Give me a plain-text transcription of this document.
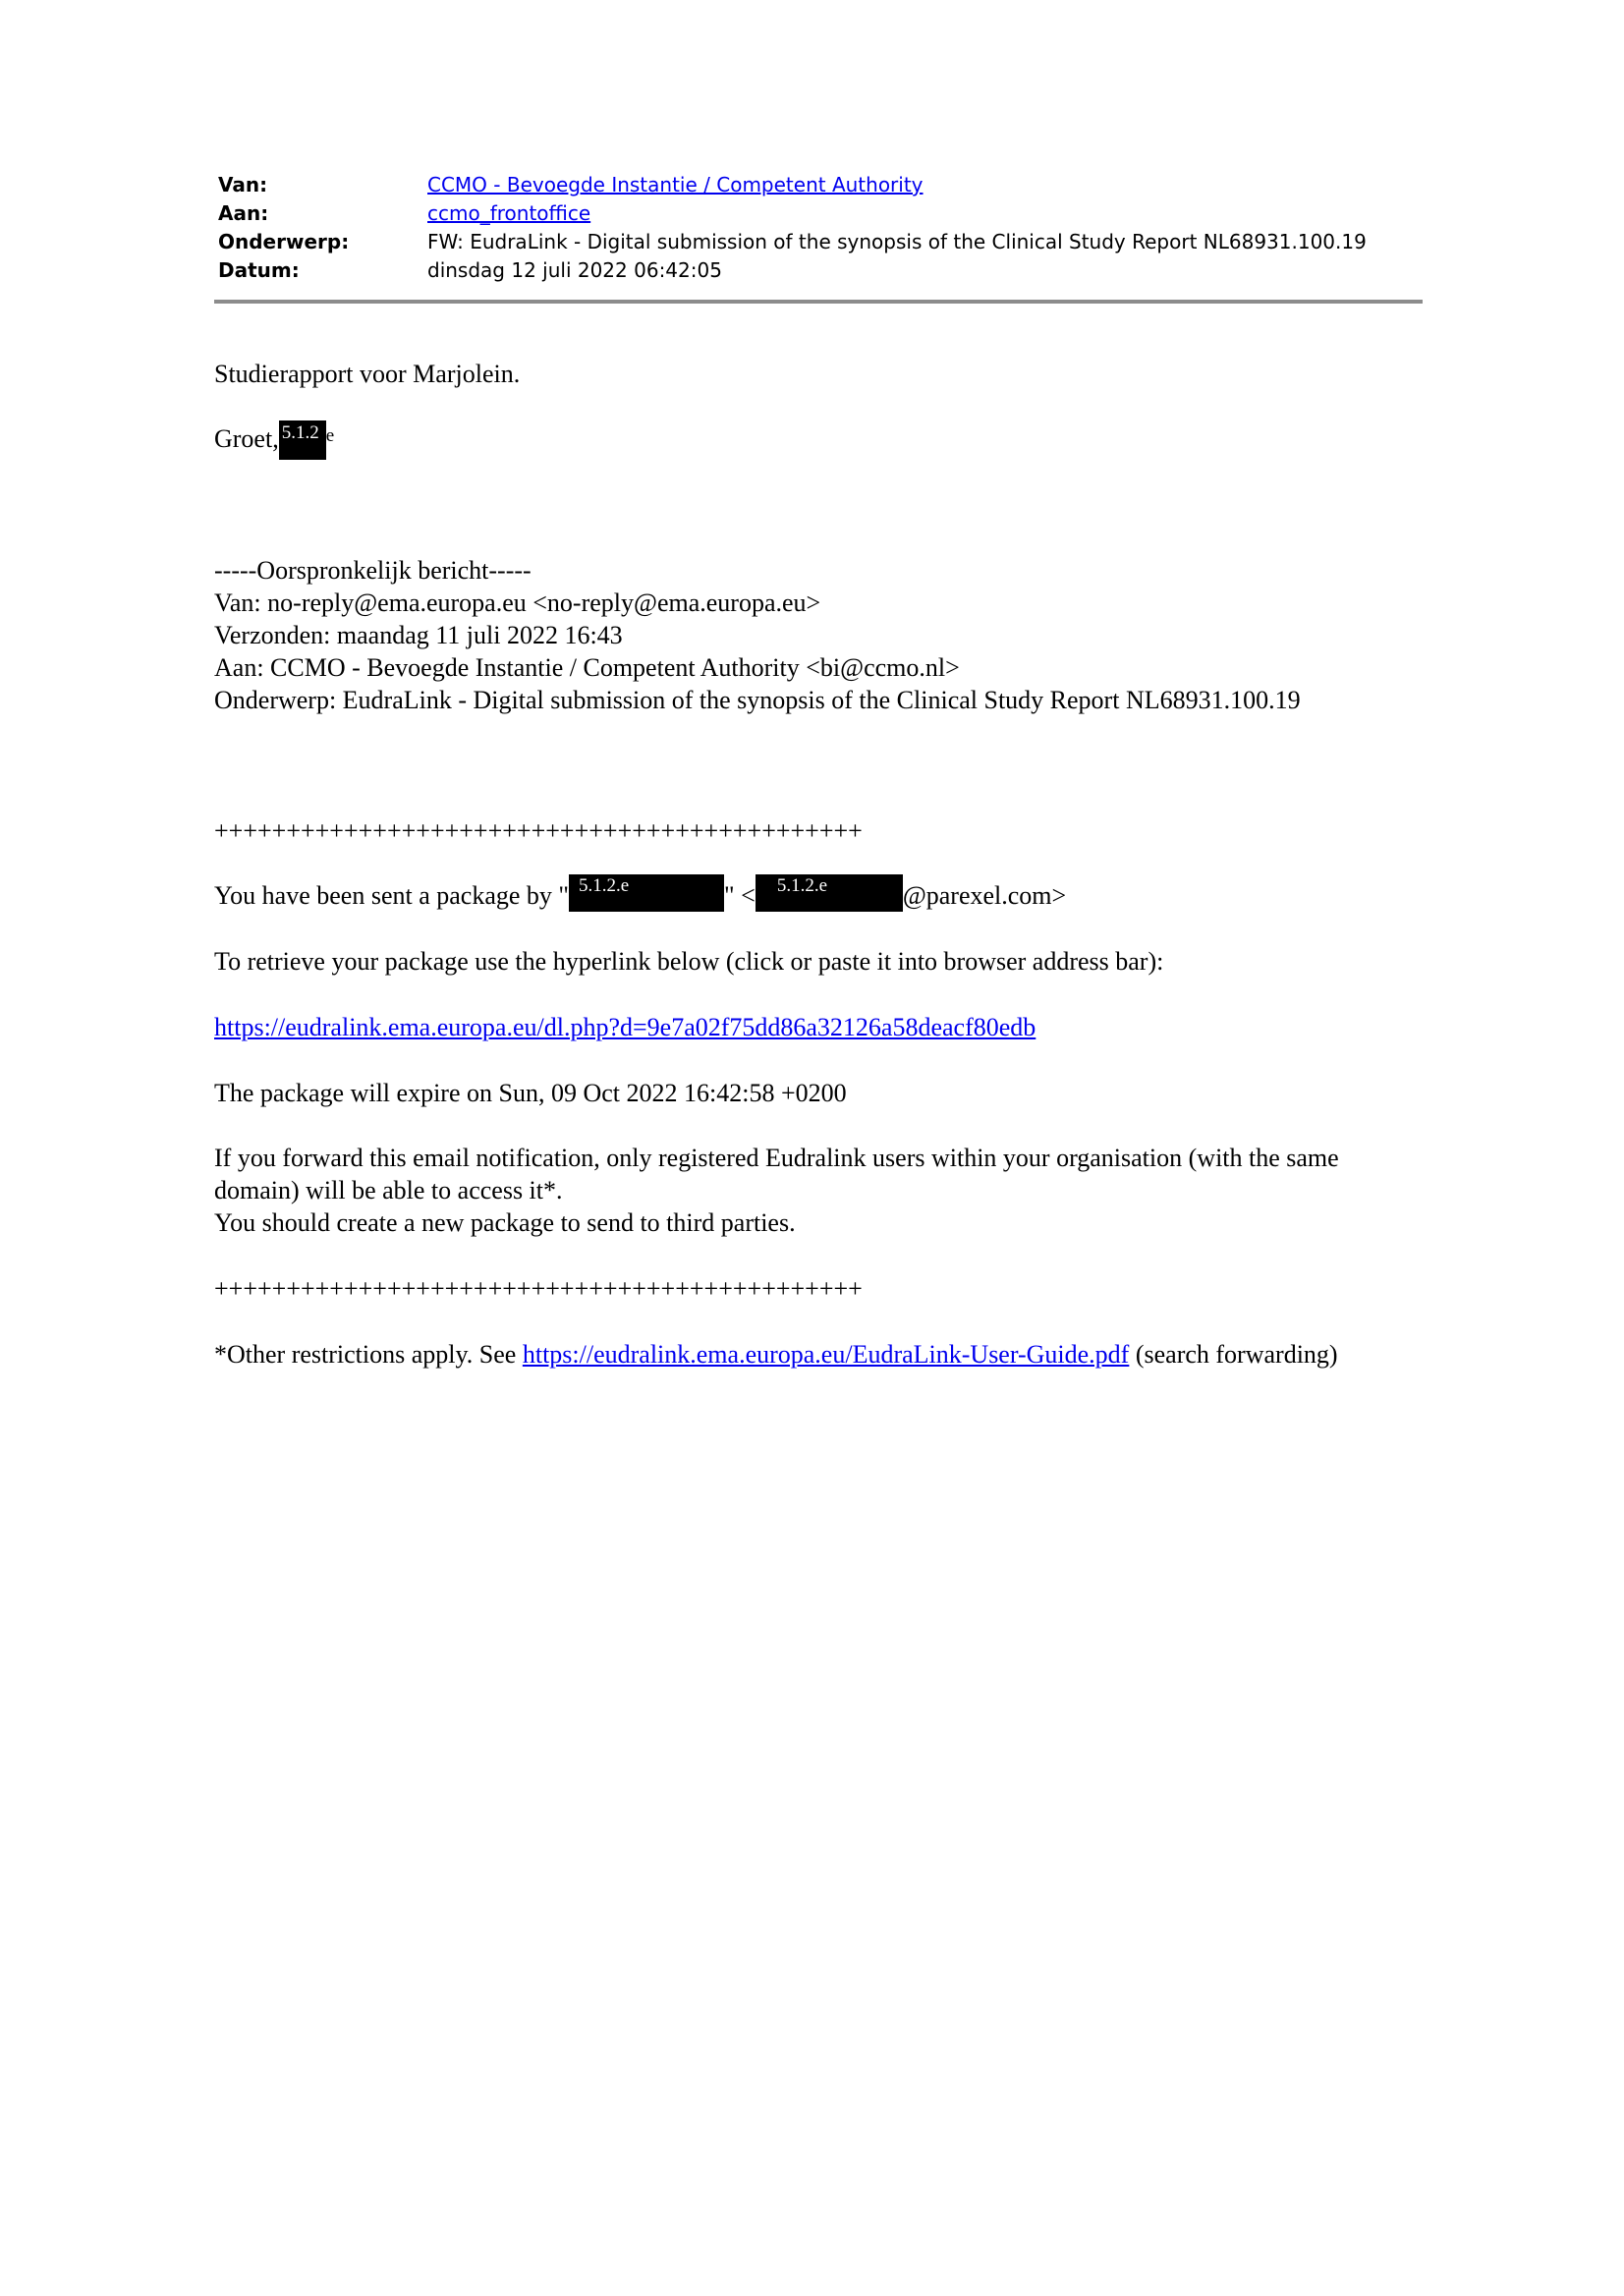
Van:	CCMO - Bevoegde Instantie / Competent Authority
Aan:	ccmo_frontoffice
Onderwerp:	FW: EudraLink - Digital submission of the synopsis of the Clinical Study Report NL68931.100.19
Datum:	dinsdag 12 juli 2022 06:42:05
Studierapport voor Marjolein.
Groet, 5.1.2 $^e$
-----Oorspronkelijk bericht-----
Van: no-reply@ema.europa.eu <no-reply@ema.europa.eu>
Verzonden: maandag 11 juli 2022 16:43
Aan: CCMO - Bevoegde Instantie / Competent Authority <bi@ccmo.nl>
Onderwerp: EudraLink - Digital submission of the synopsis of the Clinical Study Report NL68931.100.19
+++++++++++++++++++++++++++++++++++++++++++++
You have been sent a package by " 5.1.2.e	" < 5.1.2.e	@parexel.com>
To retrieve your package use the hyperlink below (click or paste it into browser address bar):
https://eudralink.ema.europa.eu/dl.php?d=9e7a02f75dd86a32126a58deacf80edb
The package will expire on Sun, 09 Oct 2022 16:42:58 +0200
If you forward this email notification, only registered Eudralink users within your organisation (with the same
domain) will be able to access it*.
You should create a new package to send to third parties.
+++++++++++++++++++++++++++++++++++++++++++++
*Other restrictions apply. See https://eudralink.ema.europa.eu/EudraLink-User-Guide.pdf (search forwarding)
